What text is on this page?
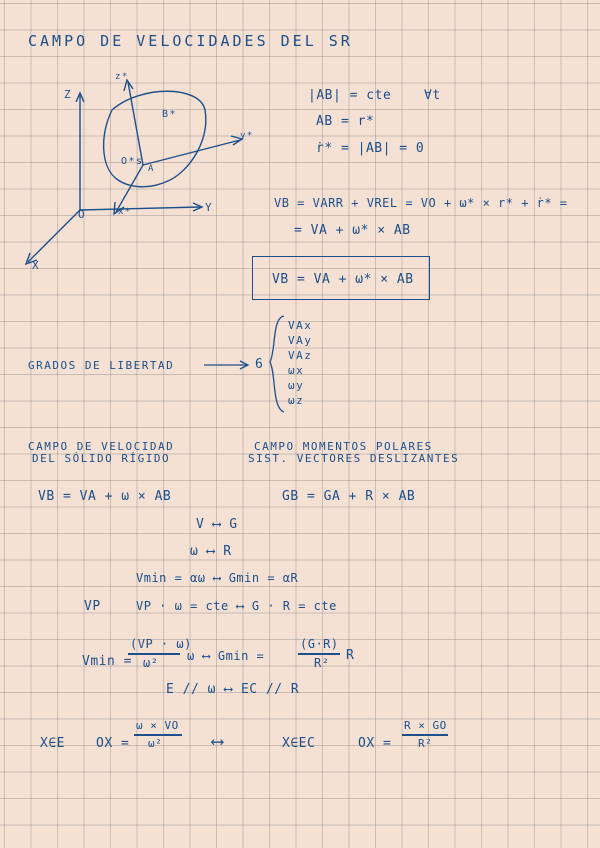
CAMPO DE VELOCIDADES DEL SR
Z
Y
X
O
z*
y*
x*
B*
A
O*s
|AB| = cte	∀t
AB = r*
ṙ* = |AB| = 0
VB = VARR + VREL = VO + ω* × r* + ṙ* =
= VA + ω* × AB
VB = VA + ω* × AB
GRADOS DE LIBERTAD	6
VAx
VAy
VAz
ωx
ωy
ωz
CAMPO DE VELOCIDAD
DEL SÓLIDO RÍGIDO
CAMPO MOMENTOS POLARES
SIST. VECTORES DESLIZANTES
VB = VA + ω × AB	GB = GA + R × AB
V ⟷ G
ω ⟷ R
Vmin = αω ⟷ Gmin = αR
VP	VP · ω = cte ⟷ G · R = cte
Vmin =
(VP · ω)
ω² ω ⟷ Gmin =
(G·R)
R² R
E // ω ⟷ EC // R
X∈E OX =
ω × VO
ω²	⟷	X∈EC	OX =
R × GO
R²
